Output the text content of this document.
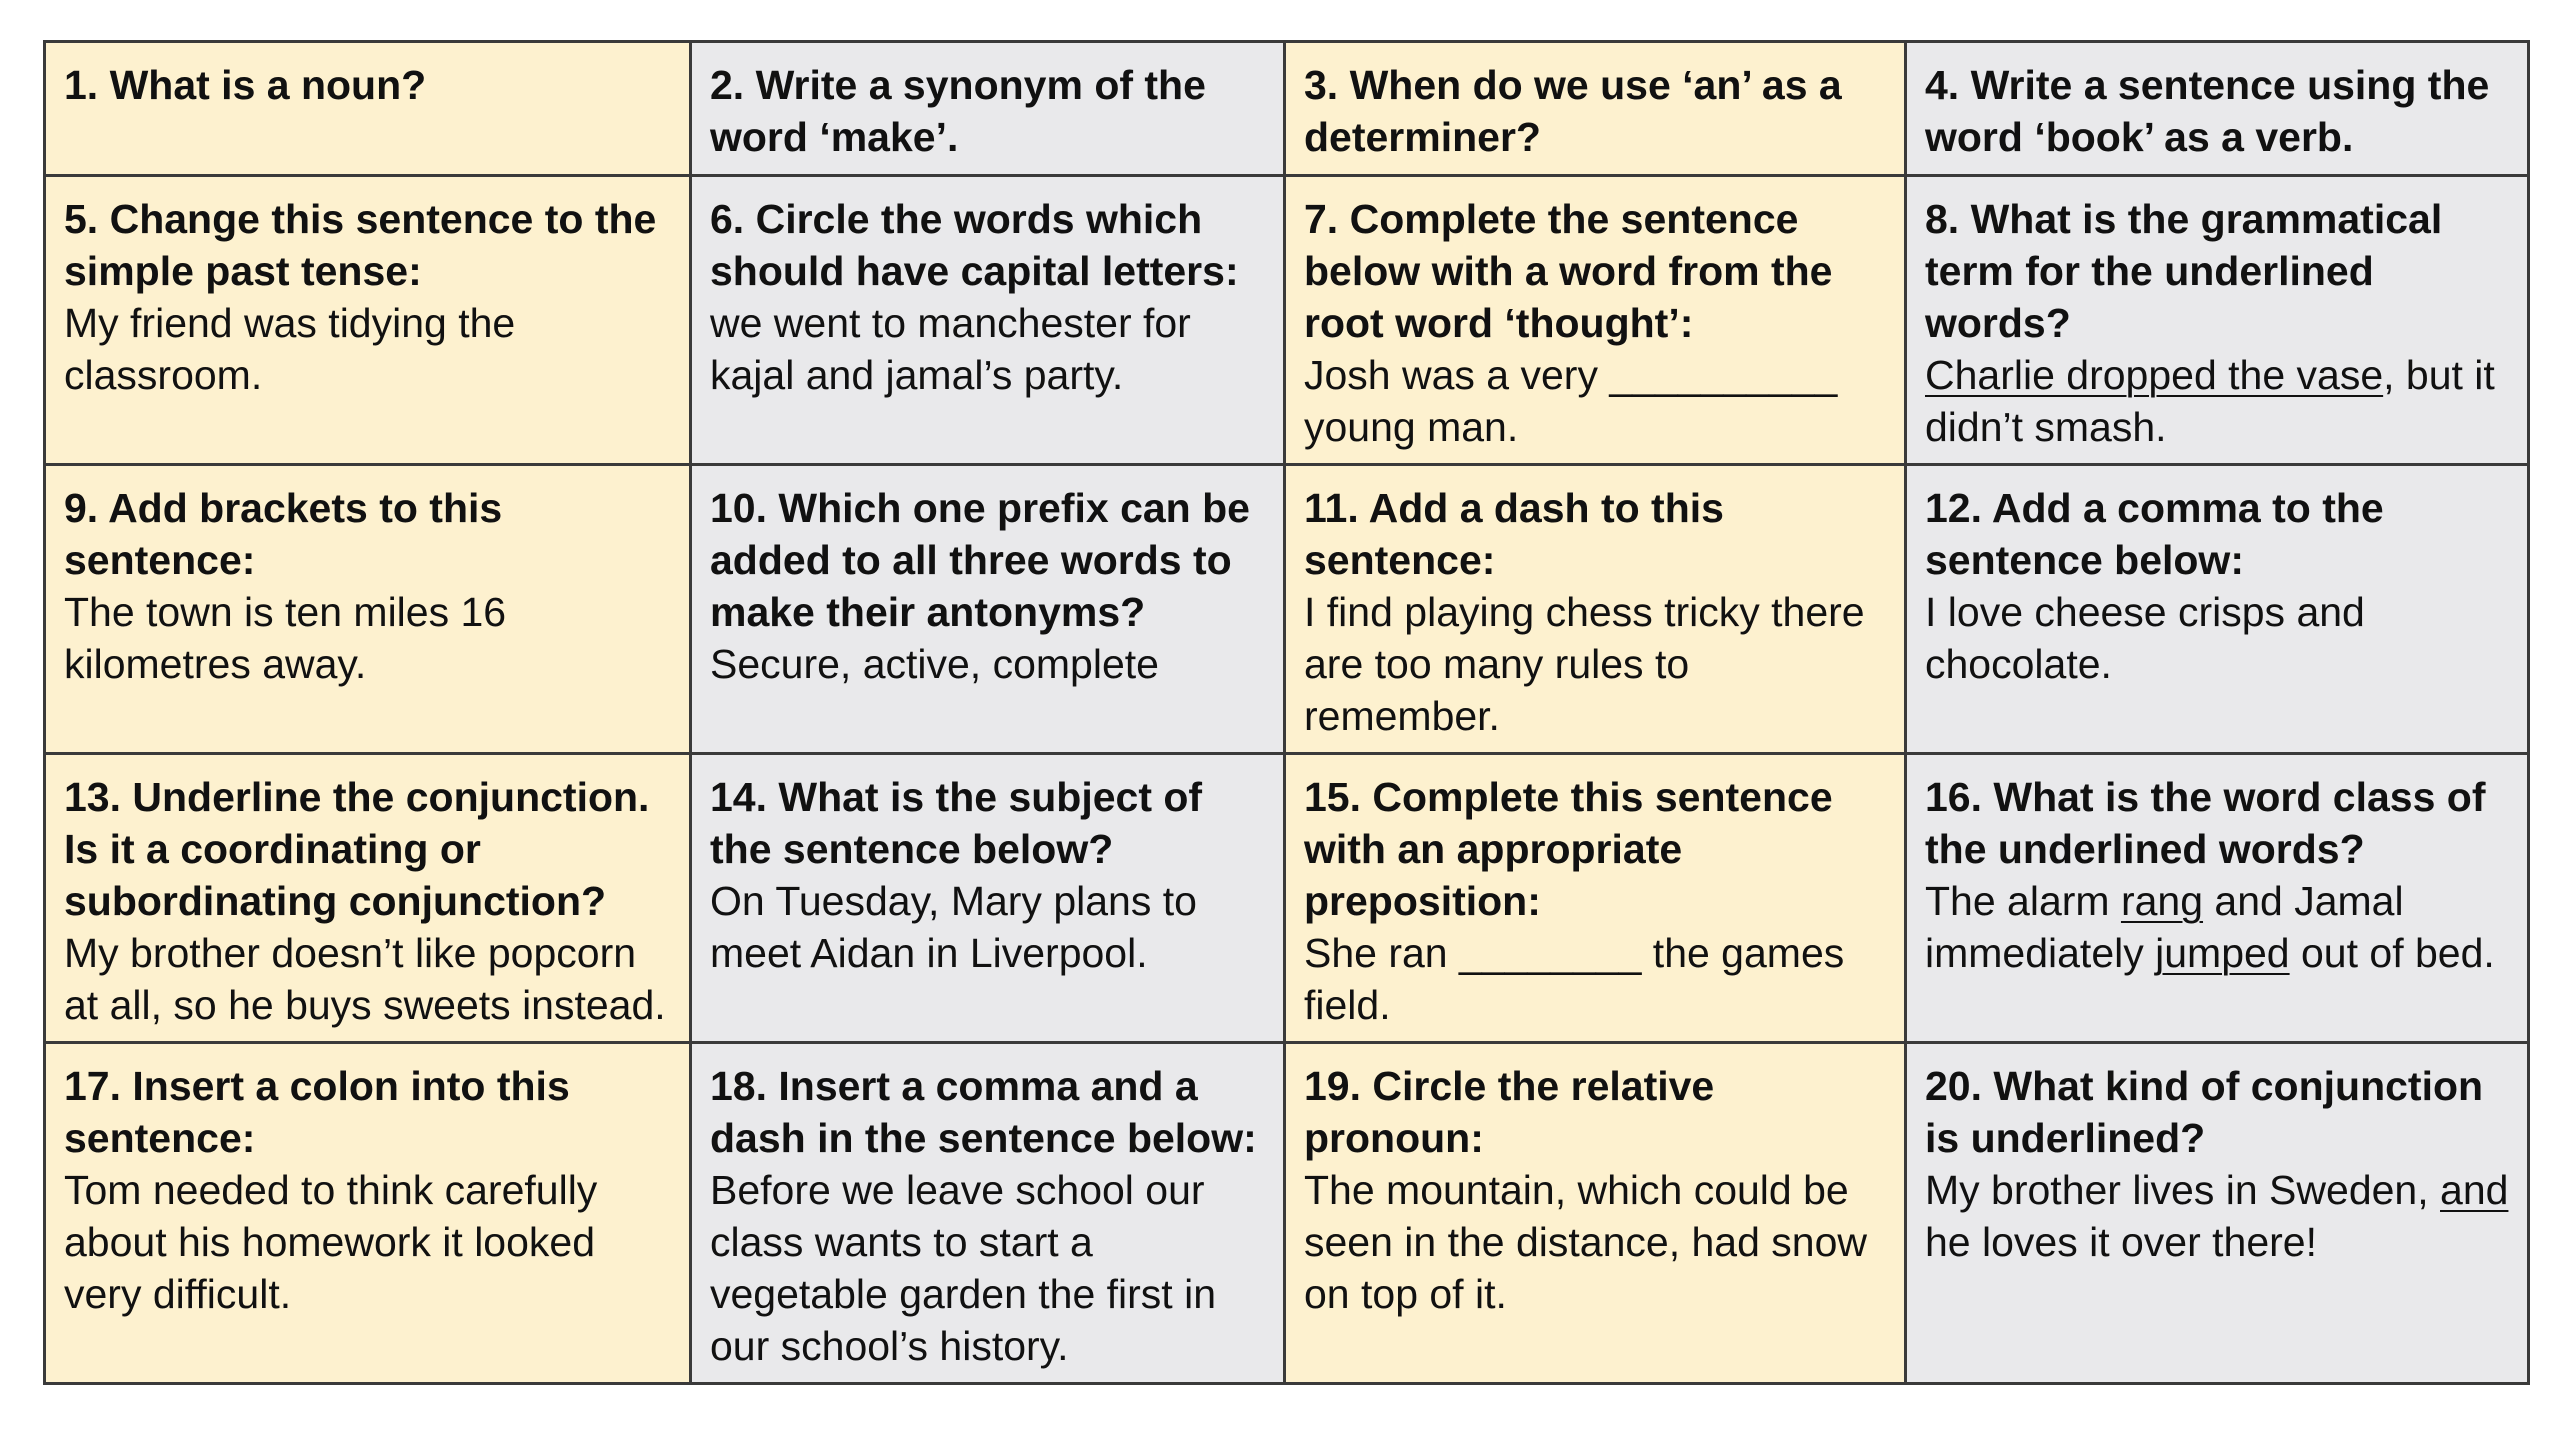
1. What is a noun?	2. Write a synonym of the word ‘make’.	3. When do we use ‘an’ as a determiner?	4. Write a sentence using the word ‘book’ as a verb.

5. Change this sentence to the simple past tense:
My friend was tidying the classroom.	6. Circle the words which should have capital letters:
we went to manchester for kajal and jamal’s party.	7. Complete the sentence below with a word from the root word ‘thought’:
Josh was a very __________ young man.	8. What is the grammatical term for the underlined words?
Charlie dropped the vase, but it didn’t smash.

9. Add brackets to this sentence:
The town is ten miles 16 kilometres away.	10. Which one prefix can be added to all three words to make their antonyms?
Secure, active, complete	11. Add a dash to this sentence:
I find playing chess tricky there are too many rules to remember.	12. Add a comma to the sentence below:
I love cheese crisps and chocolate.

13. Underline the conjunction. Is it a coordinating or subordinating conjunction?
My brother doesn’t like popcorn at all, so he buys sweets instead.	14. What is the subject of the sentence below?
On Tuesday, Mary plans to meet Aidan in Liverpool.	15. Complete this sentence with an appropriate preposition:
She ran ________ the games field.	16. What is the word class of the underlined words?
The alarm rang and Jamal immediately jumped out of bed.

17. Insert a colon into this sentence:
Tom needed to think carefully about his homework it looked very difficult.	18. Insert a comma and a dash in the sentence below:
Before we leave school our class wants to start a vegetable garden the first in our school’s history.	19. Circle the relative pronoun:
The mountain, which could be seen in the distance, had snow on top of it.	20. What kind of conjunction is underlined?
My brother lives in Sweden, and he loves it over there!
